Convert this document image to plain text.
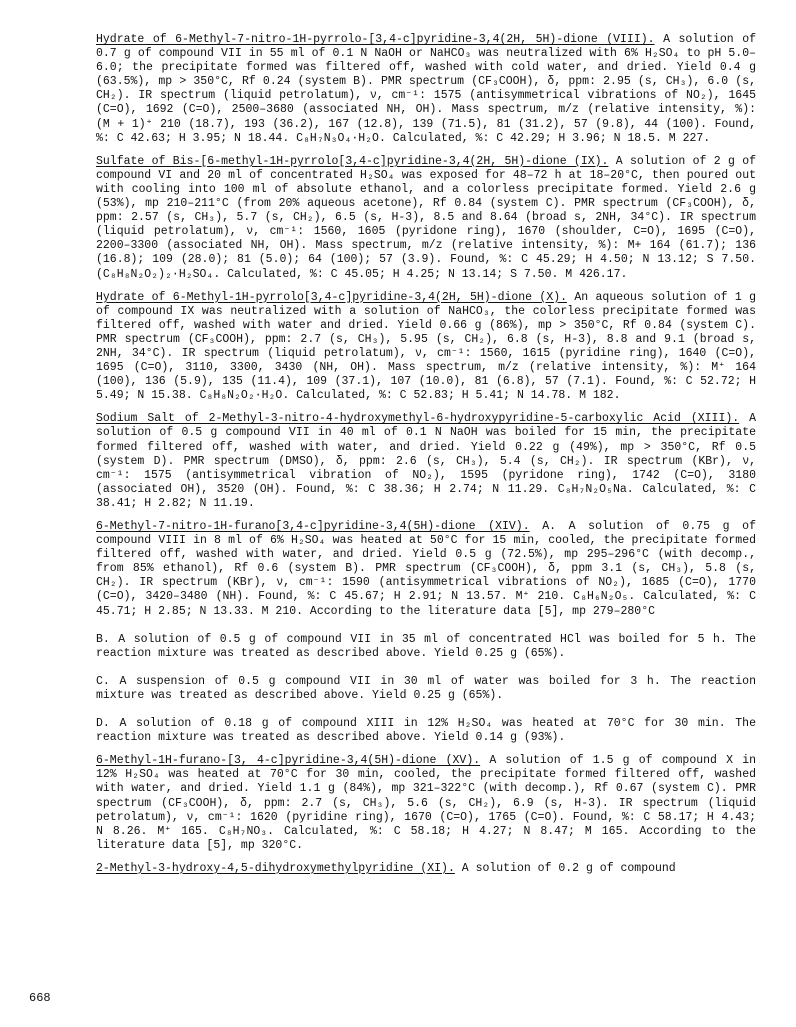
Hydrate of 6-Methyl-7-nitro-1H-pyrrolo-[3,4-c]pyridine-3,4(2H, 5H)-dione (VIII). A solution of 0.7 g of compound VII in 55 ml of 0.1 N NaOH or NaHCO₃ was neutralized with 6% H₂SO₄ to pH 5.0–6.0; the precipitate formed was filtered off, washed with cold water, and dried. Yield 0.4 g (63.5%), mp > 350°C, Rf 0.24 (system B). PMR spectrum (CF₃COOH), δ, ppm: 2.95 (s, CH₃), 6.0 (s, CH₂). IR spectrum (liquid petrolatum), ν, cm⁻¹: 1575 (antisymmetrical vibrations of NO₂), 1645 (C=O), 1692 (C=O), 2500–3680 (associated NH, OH). Mass spectrum, m/z (relative intensity, %): (M + 1)⁺ 210 (18.7), 193 (36.2), 167 (12.8), 139 (71.5), 81 (31.2), 57 (9.8), 44 (100). Found, %: C 42.63; H 3.95; N 18.44. C₈H₇N₃O₄·H₂O. Calculated, %: C 42.29; H 3.96; N 18.5. M 227.

Sulfate of Bis-[6-methyl-1H-pyrrolo[3,4-c]pyridine-3,4(2H, 5H)-dione (IX). A solution of 2 g of compound VI and 20 ml of concentrated H₂SO₄ was exposed for 48–72 h at 18–20°C, then poured out with cooling into 100 ml of absolute ethanol, and a colorless precipitate formed. Yield 2.6 g (53%), mp 210–211°C (from 20% aqueous acetone), Rf 0.84 (system C). PMR spectrum (CF₃COOH), δ, ppm: 2.57 (s, CH₃), 5.7 (s, CH₂), 6.5 (s, H-3), 8.5 and 8.64 (broad s, 2NH, 34°C). IR spectrum (liquid petrolatum), ν, cm⁻¹: 1560, 1605 (pyridone ring), 1670 (shoulder, C=O), 1695 (C=O), 2200–3300 (associated NH, OH). Mass spectrum, m/z (relative intensity, %): M+ 164 (61.7); 136 (16.8); 109 (28.0); 81 (5.0); 64 (100); 57 (3.9). Found, %: C 45.29; H 4.50; N 13.12; S 7.50. (C₈H₈N₂O₂)₂·H₂SO₄. Calculated, %: C 45.05; H 4.25; N 13.14; S 7.50. M 426.17.

Hydrate of 6-Methyl-1H-pyrrolo[3,4-c]pyridine-3,4(2H, 5H)-dione (X). An aqueous solution of 1 g of compound IX was neutralized with a solution of NaHCO₃, the colorless precipitate formed was filtered off, washed with water and dried. Yield 0.66 g (86%), mp > 350°C, Rf 0.84 (system C). PMR spectrum (CF₃COOH), ppm: 2.7 (s, CH₃), 5.95 (s, CH₂), 6.8 (s, H-3), 8.8 and 9.1 (broad s, 2NH, 34°C). IR spectrum (liquid petrolatum), ν, cm⁻¹: 1560, 1615 (pyridine ring), 1640 (C=O), 1695 (C=O), 3110, 3300, 3430 (NH, OH). Mass spectrum, m/z (relative intensity, %): M⁺ 164 (100), 136 (5.9), 135 (11.4), 109 (37.1), 107 (10.0), 81 (6.8), 57 (7.1). Found, %: C 52.72; H 5.49; N 15.38. C₈H₈N₂O₂·H₂O. Calculated, %: C 52.83; H 5.41; N 14.78. M 182.

Sodium Salt of 2-Methyl-3-nitro-4-hydroxymethyl-6-hydroxypyridine-5-carboxylic Acid (XIII). A solution of 0.5 g compound VII in 40 ml of 0.1 N NaOH was boiled for 15 min, the precipitate formed filtered off, washed with water, and dried. Yield 0.22 g (49%), mp > 350°C, Rf 0.5 (system D). PMR spectrum (DMSO), δ, ppm: 2.6 (s, CH₃), 5.4 (s, CH₂). IR spectrum (KBr), ν, cm⁻¹: 1575 (antisymmetrical vibration of NO₂), 1595 (pyridone ring), 1742 (C=O), 3180 (associated OH), 3520 (OH). Found, %: C 38.36; H 2.74; N 11.29. C₈H₇N₂O₅Na. Calculated, %: C 38.41; H 2.82; N 11.19.

6-Methyl-7-nitro-1H-furano[3,4-c]pyridine-3,4(5H)-dione (XIV). A. A solution of 0.75 g of compound VIII in 8 ml of 6% H₂SO₄ was heated at 50°C for 15 min, cooled, the precipitate formed filtered off, washed with water, and dried. Yield 0.5 g (72.5%), mp 295–296°C (with decomp., from 85% ethanol), Rf 0.6 (system B). PMR spectrum (CF₃COOH), δ, ppm 3.1 (s, CH₃), 5.8 (s, CH₂). IR spectrum (KBr), ν, cm⁻¹: 1590 (antisymmetrical vibrations of NO₂), 1685 (C=O), 1770 (C=O), 3420–3480 (NH). Found, %: C 45.67; H 2.91; N 13.57. M⁺ 210. C₈H₆N₂O₅. Calculated, %: C 45.71; H 2.85; N 13.33. M 210. According to the literature data [5], mp 279–280°C

B. A solution of 0.5 g of compound VII in 35 ml of concentrated HCl was boiled for 5 h. The reaction mixture was treated as described above. Yield 0.25 g (65%).

C. A suspension of 0.5 g compound VII in 30 ml of water was boiled for 3 h. The reaction mixture was treated as described above. Yield 0.25 g (65%).

D. A solution of 0.18 g of compound XIII in 12% H₂SO₄ was heated at 70°C for 30 min. The reaction mixture was treated as described above. Yield 0.14 g (93%).

6-Methyl-1H-furano-[3, 4-c]pyridine-3,4(5H)-dione (XV). A solution of 1.5 g of compound X in 12% H₂SO₄ was heated at 70°C for 30 min, cooled, the precipitate formed filtered off, washed with water, and dried. Yield 1.1 g (84%), mp 321–322°C (with decomp.), Rf 0.67 (system C). PMR spectrum (CF₃COOH), δ, ppm: 2.7 (s, CH₃), 5.6 (s, CH₂), 6.9 (s, H-3). IR spectrum (liquid petrolatum), ν, cm⁻¹: 1620 (pyridine ring), 1670 (C=O), 1765 (C=O). Found, %: C 58.17; H 4.43; N 8.26. M⁺ 165. C₈H₇NO₃. Calculated, %: C 58.18; H 4.27; N 8.47; M 165. According to the literature data [5], mp 320°C.

2-Methyl-3-hydroxy-4,5-dihydroxymethylpyridine (XI). A solution of 0.2 g of compound

668
